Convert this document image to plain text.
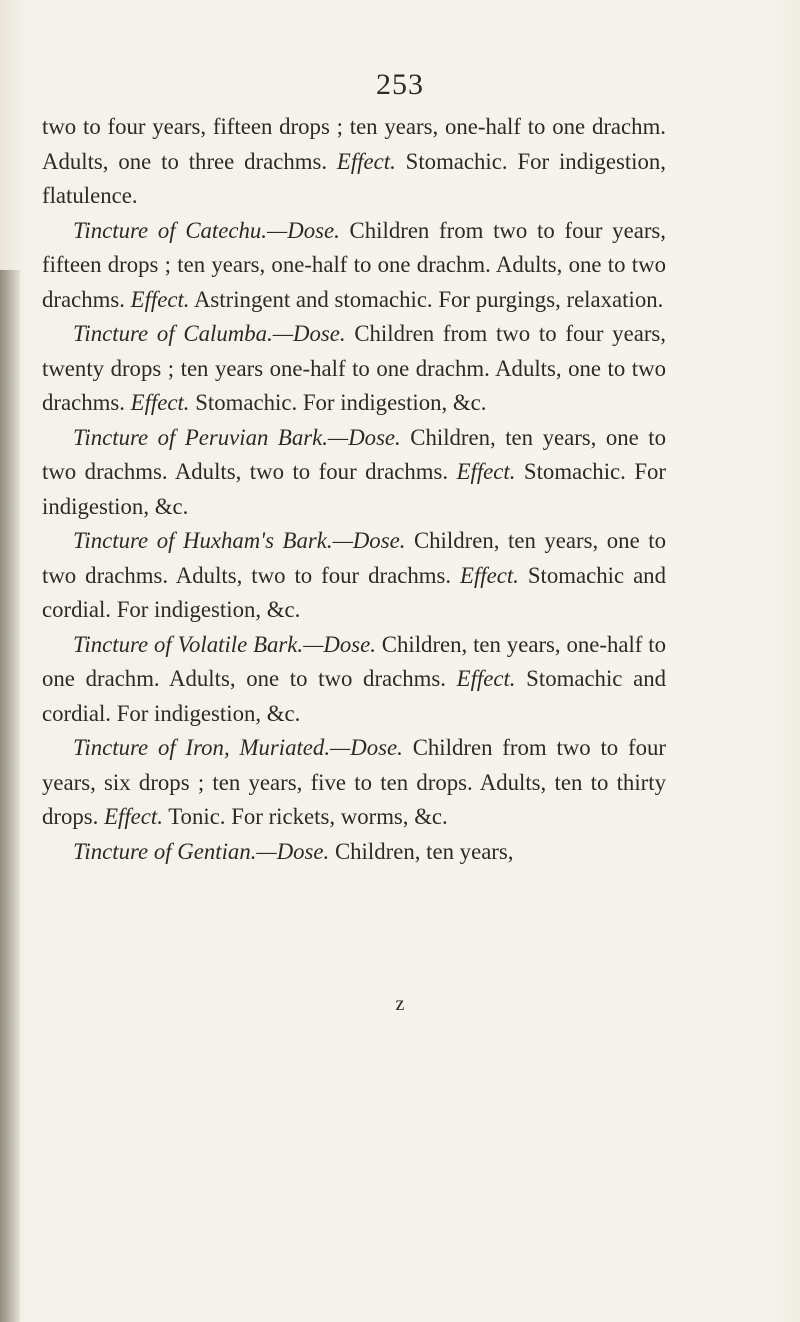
253

two to four years, fifteen drops ; ten years, one-half to one drachm. Adults, one to three drachms. Effect. Stomachic. For indigestion, flatulence.

Tincture of Catechu.—Dose. Children from two to four years, fifteen drops ; ten years, one-half to one drachm. Adults, one to two drachms. Effect. Astringent and stomachic. For purgings, relaxation.

Tincture of Calumba.—Dose. Children from two to four years, twenty drops ; ten years one-half to one drachm. Adults, one to two drachms. Effect. Stomachic. For indigestion, &c.

Tincture of Peruvian Bark.—Dose. Children, ten years, one to two drachms. Adults, two to four drachms. Effect. Stomachic. For indigestion, &c.

Tincture of Huxham's Bark.—Dose. Children, ten years, one to two drachms. Adults, two to four drachms. Effect. Stomachic and cordial. For indigestion, &c.

Tincture of Volatile Bark.—Dose. Children, ten years, one-half to one drachm. Adults, one to two drachms. Effect. Stomachic and cordial. For indigestion, &c.

Tincture of Iron, Muriated.—Dose. Children from two to four years, six drops ; ten years, five to ten drops. Adults, ten to thirty drops. Effect. Tonic. For rickets, worms, &c.

Tincture of Gentian.—Dose. Children, ten years,

z
